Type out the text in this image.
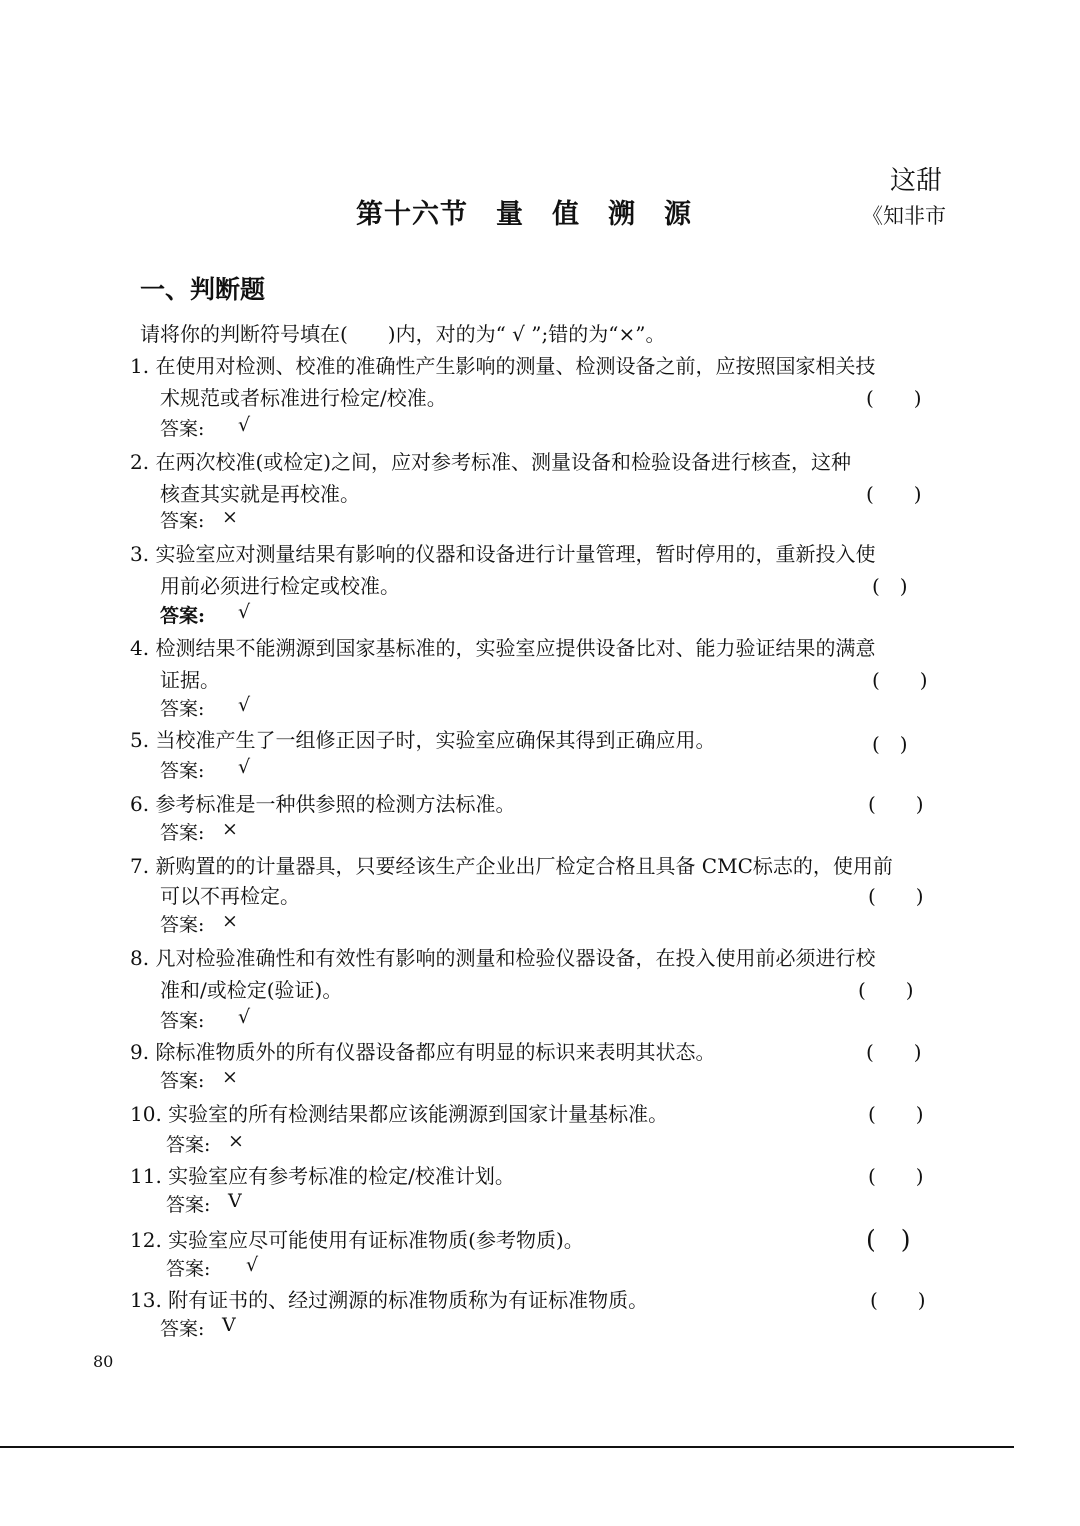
这甜
《知非市
第十六节　量　值　溯　源
一、判断题
请将你的判断符号填在(　　)内，对的为“ √ ”;错的为“×”。
1. 在使用对检测、校准的准确性产生影响的测量、检测设备之前，应按照国家相关技
术规范或者标准进行检定/校准。	(　　)
答案: √
2. 在两次校准(或检定)之间，应对参考标准、测量设备和检验设备进行核查，这种
核查其实就是再校准。	(　　)
答案: ×
3. 实验室应对测量结果有影响的仪器和设备进行计量管理，暂时停用的，重新投入使
用前必须进行检定或校准。	(　)
答案: √
4. 检测结果不能溯源到国家基标准的，实验室应提供设备比对、能力验证结果的满意
证据。	(　　)
答案: √
5. 当校准产生了一组修正因子时，实验室应确保其得到正确应用。	(　)
答案: √
6. 参考标准是一种供参照的检测方法标准。	(　　)
答案: ×
7. 新购置的的计量器具，只要经该生产企业出厂检定合格且具备 CMC标志的，使用前
可以不再检定。	(　　)
答案: ×
8. 凡对检验准确性和有效性有影响的测量和检验仪器设备，在投入使用前必须进行校
准和/或检定(验证)。	(　　)
答案: √
9. 除标准物质外的所有仪器设备都应有明显的标识来表明其状态。	(　　)
答案: ×
10. 实验室的所有检测结果都应该能溯源到国家计量基标准。	(　　)
答案: ×
11. 实验室应有参考标准的检定/校准计划。	(　　)
答案: V
12. 实验室应尽可能使用有证标准物质(参考物质)。	(　)
答案: √
13. 附有证书的、经过溯源的标准物质称为有证标准物质。	(　　)
答案: V
80
